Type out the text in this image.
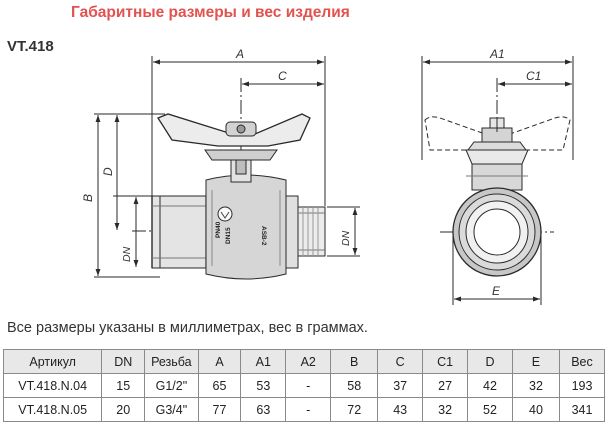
Габаритные размеры и вес изделия
VT.418
PN40 DN15	ASB-2
A
C
B
D
DN
DN
A1
C1
E
Все размеры указаны в миллиметрах, вес в граммах.
Артикул	DN	Резьба	A	A1	A2	B	C	C1	D	E	Вес
VT.418.N.04	15	G1/2"	65	53	-	58	37	27	42	32	193
VT.418.N.05	20	G3/4"	77	63	-	72	43	32	52	40	341
